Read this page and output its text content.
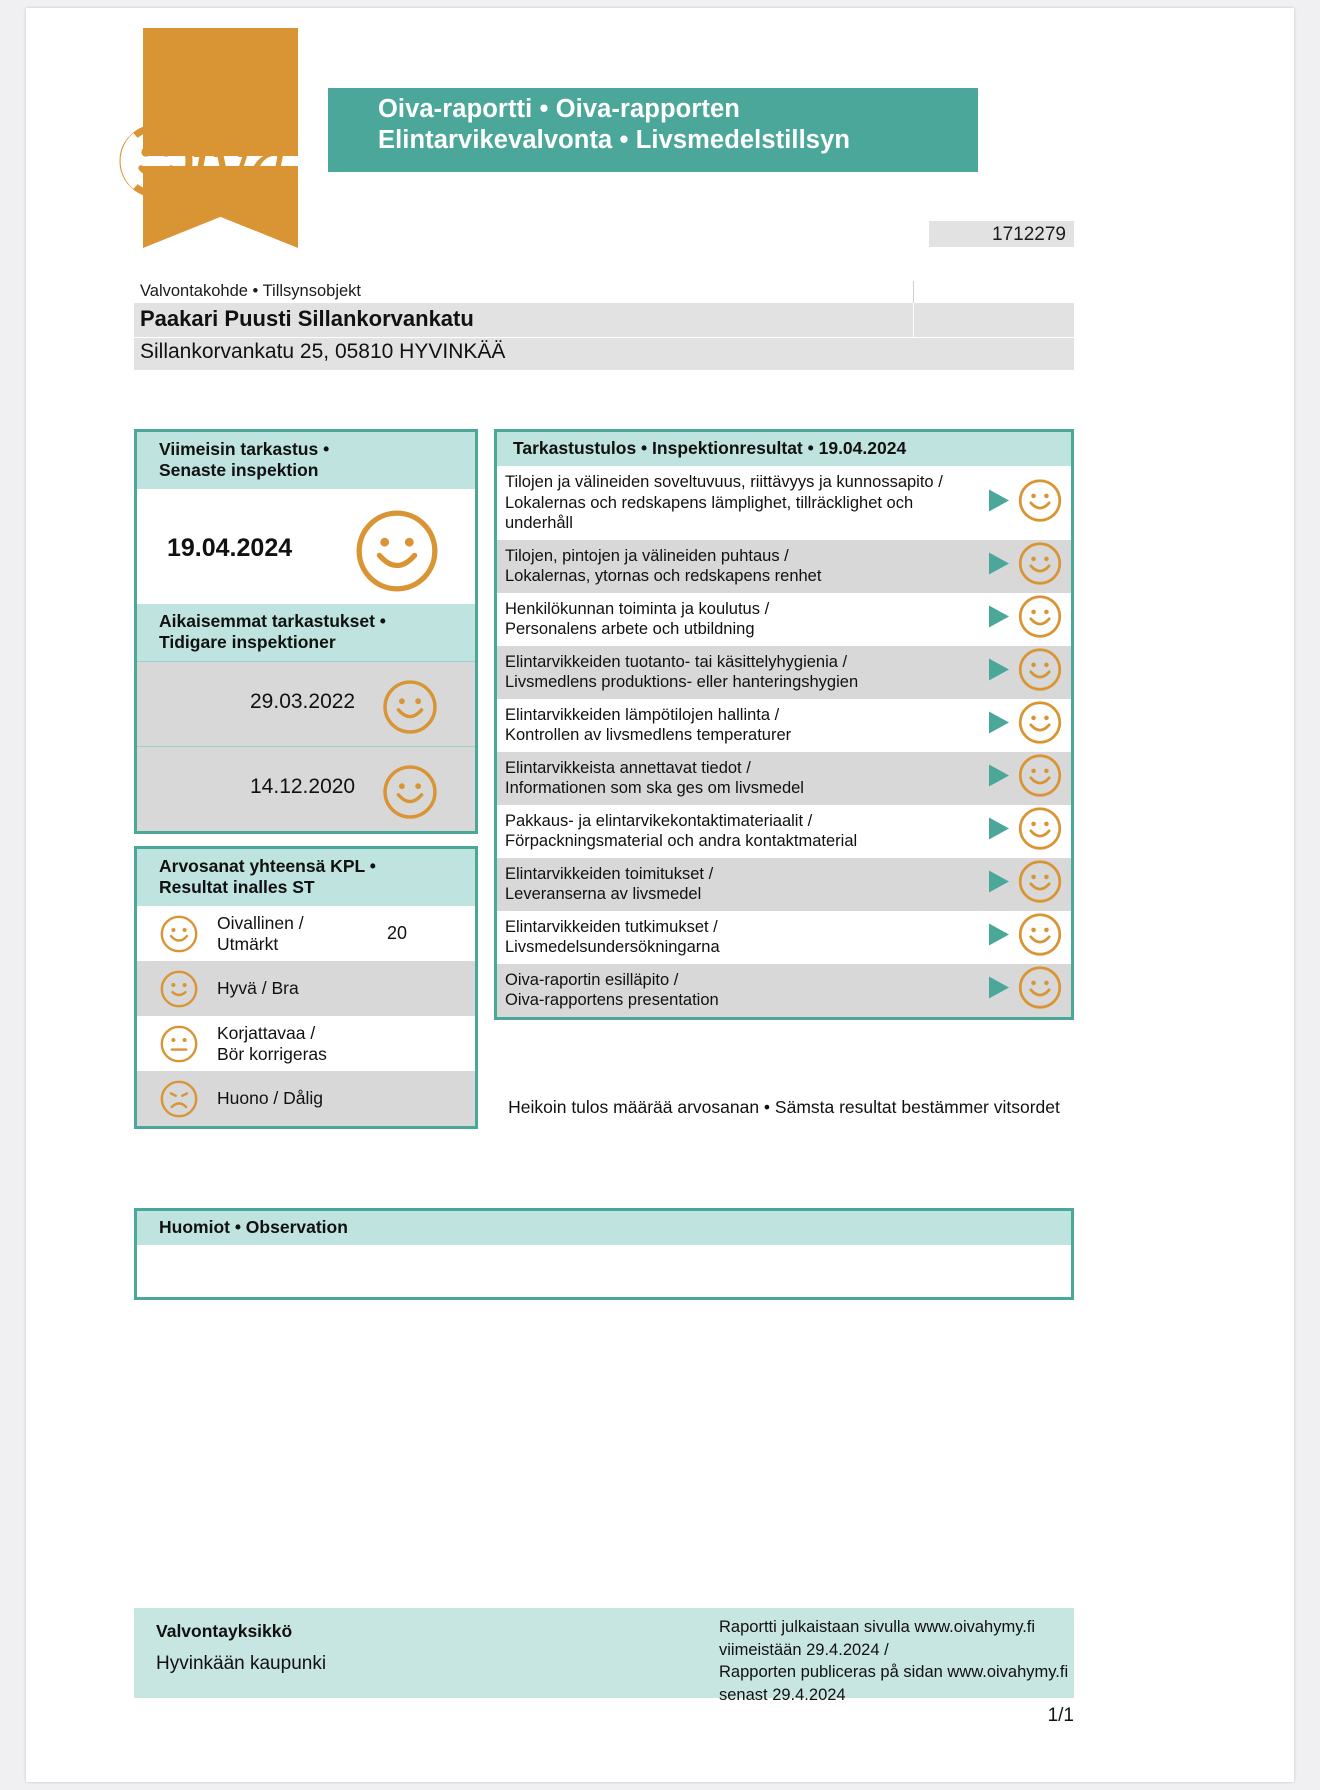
iva
Oiva-raportti • Oiva-rapporten
Elintarvikevalvonta • Livsmedelstillsyn
1712279
Valvontakohde • Tillsynsobjekt
Paakari Puusti Sillankorvankatu
Sillankorvankatu 25, 05810 HYVINKÄÄ
Viimeisin tarkastus •
Senaste inspektion
19.04.2024
Aikaisemmat tarkastukset •
Tidigare inspektioner
29.03.2022
14.12.2020
Arvosanat yhteensä KPL •
Resultat inalles ST
Oivallinen /
Utmärkt
20
Hyvä / Bra
Korjattavaa /
Bör korrigeras
Huono / Dålig
Tarkastustulos • Inspektionresultat • 19.04.2024
Tilojen ja välineiden soveltuvuus, riittävyys ja kunnossapito /
Lokalernas och redskapens lämplighet, tillräcklighet och underhåll
Tilojen, pintojen ja välineiden puhtaus /
Lokalernas, ytornas och redskapens renhet
Henkilökunnan toiminta ja koulutus /
Personalens arbete och utbildning
Elintarvikkeiden tuotanto- tai käsittelyhygienia /
Livsmedlens produktions- eller hanteringshygien
Elintarvikkeiden lämpötilojen hallinta /
Kontrollen av livsmedlens temperaturer
Elintarvikkeista annettavat tiedot /
Informationen som ska ges om livsmedel
Pakkaus- ja elintarvikekontaktimateriaalit /
Förpackningsmaterial och andra kontaktmaterial
Elintarvikkeiden toimitukset /
Leveranserna av livsmedel
Elintarvikkeiden tutkimukset /
Livsmedelsundersökningarna
Oiva-raportin esilläpito /
Oiva-rapportens presentation
Heikoin tulos määrää arvosanan • Sämsta resultat bestämmer vitsordet
Huomiot • Observation
Valvontayksikkö
Hyvinkään kaupunki
Raportti julkaistaan sivulla www.oivahymy.fi
viimeistään 29.4.2024 /
Rapporten publiceras på sidan www.oivahymy.fi
senast 29.4.2024
1/1
